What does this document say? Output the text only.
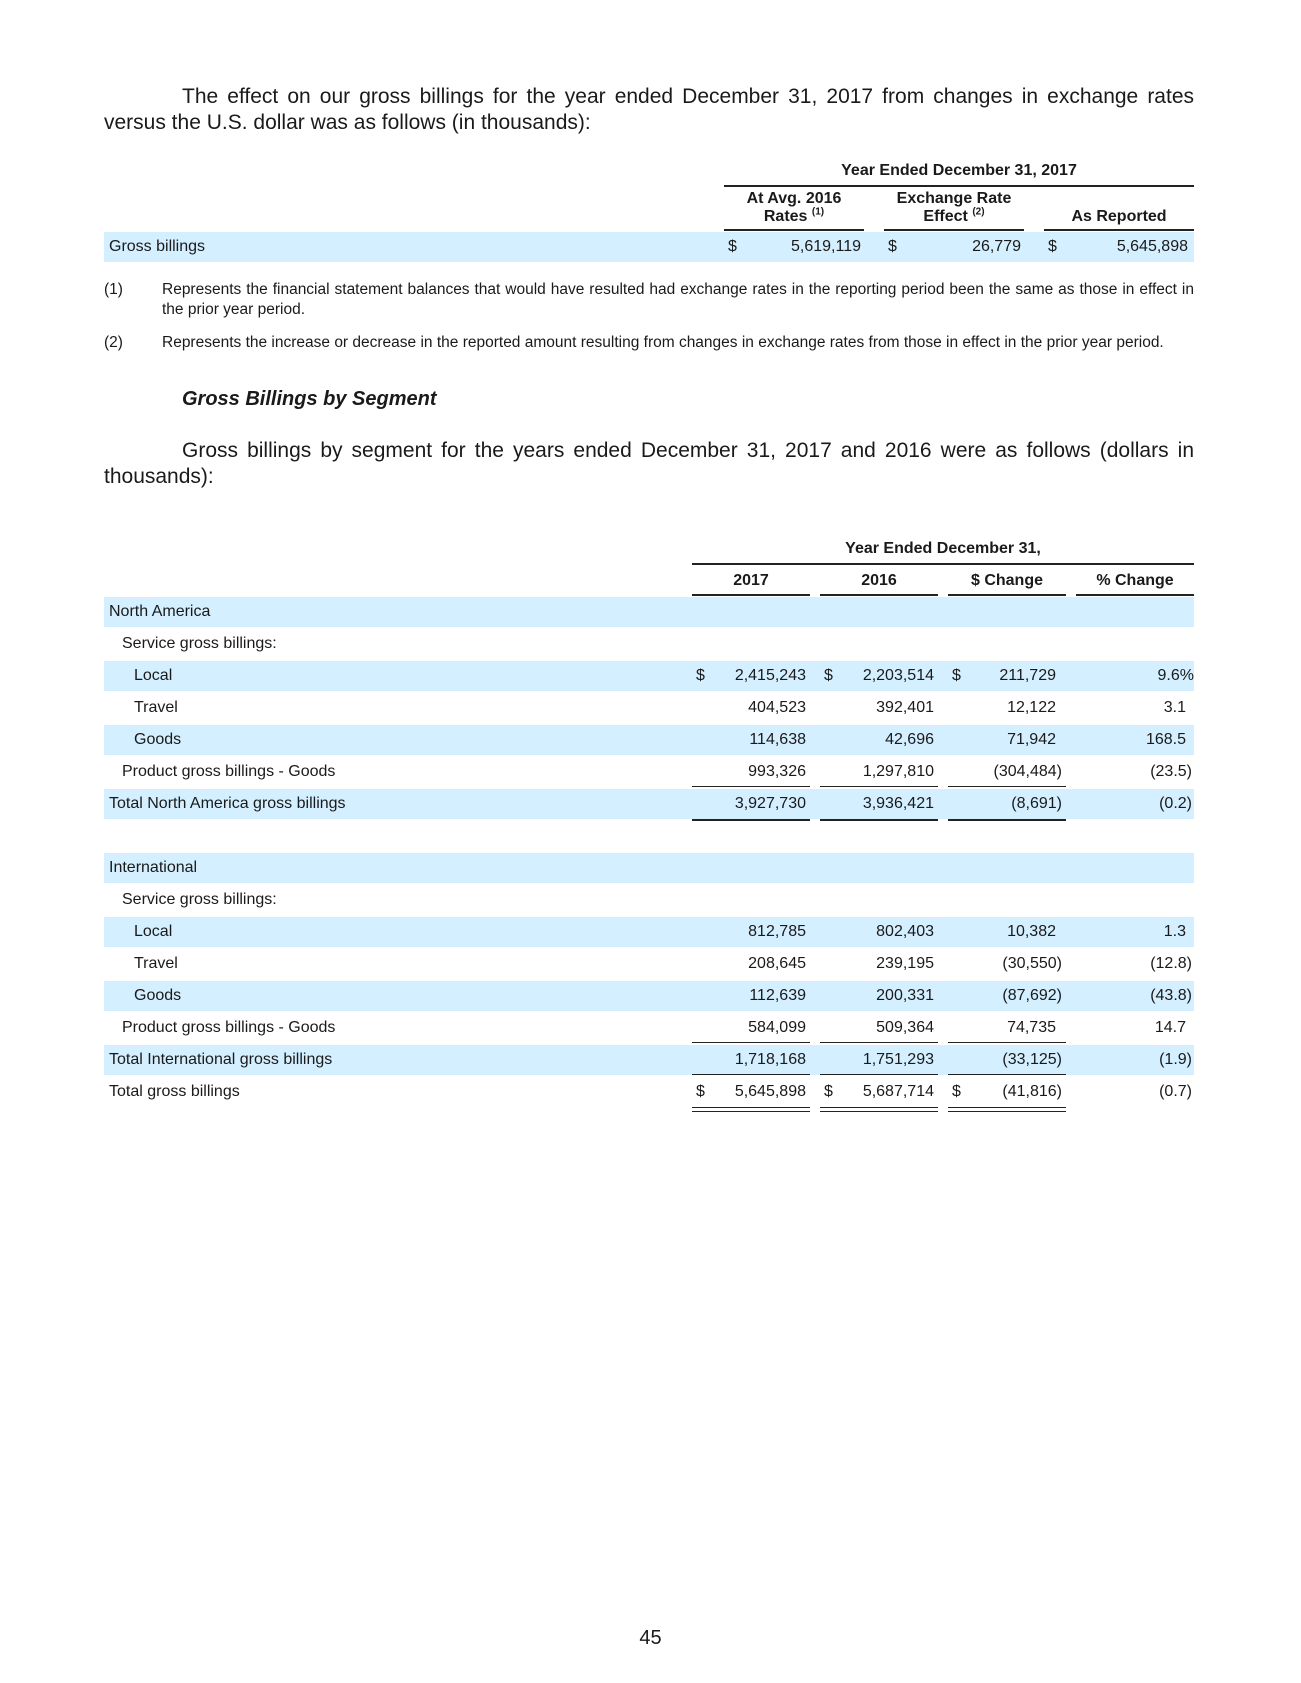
The effect on our gross billings for the year ended December 31, 2017 from changes in exchange rates versus the U.S. dollar was as follows (in thousands):
Year Ended December 31, 2017
At Avg. 2016
Rates $^{(1)}$
Exchange Rate
Effect $^{(2)}$	As Reported
Gross billings	$	5,619,119 $	26,779 $	5,645,898
(1)	Represents the financial statement balances that would have resulted had exchange rates in the reporting period been the same as those in effect in the prior year period.
(2)	Represents the increase or decrease in the reported amount resulting from changes in exchange rates from those in effect in the prior year period.
Gross Billings by Segment
Gross billings by segment for the years ended December 31, 2017 and 2016 were as follows (dollars in thousands):
Year Ended December 31,
2017	2016	$ Change	% Change
North America
Service gross billings:
Local	$	2,415,243 $	2,203,514 $	211,729	9.6%
Travel	404,523	392,401	12,122	3.1
Goods	114,638	42,696	71,942	168.5
Product gross billings - Goods	993,326	1,297,810	(304,484)	(23.5)
Total North America gross billings	3,927,730	3,936,421	(8,691)	(0.2)
International
Service gross billings:
Local	812,785	802,403	10,382	1.3
Travel	208,645	239,195	(30,550)	(12.8)
Goods	112,639	200,331	(87,692)	(43.8)
Product gross billings - Goods	584,099	509,364	74,735	14.7
Total International gross billings	1,718,168	1,751,293	(33,125)	(1.9)
Total gross billings	$	5,645,898 $	5,687,714 $	(41,816)	(0.7)
45
